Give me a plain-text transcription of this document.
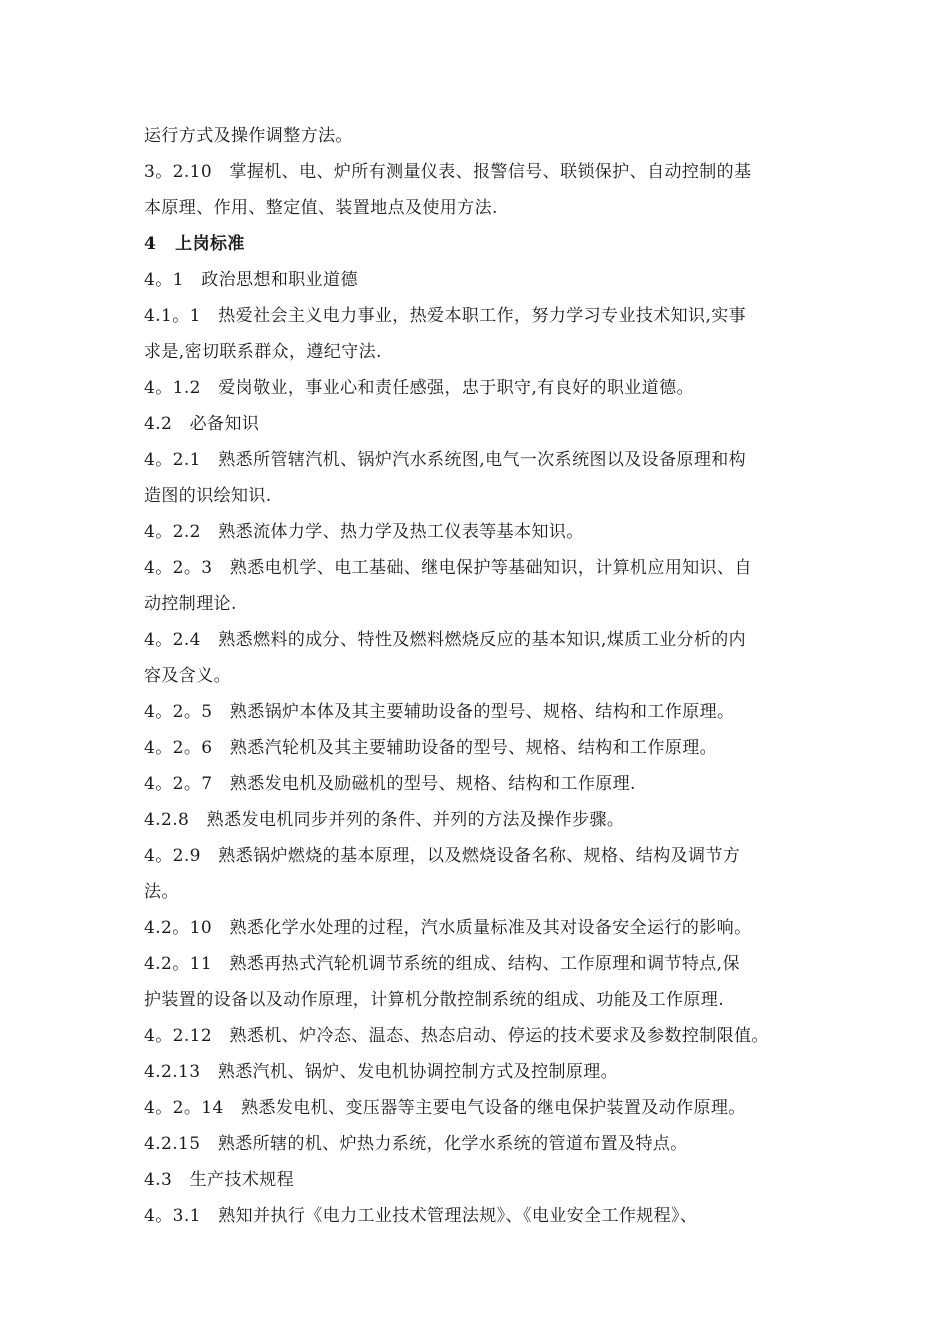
运行方式及操作调整方法。
3。2.10   掌握机、电、炉所有测量仪表、报警信号、联锁保护、自动控制的基
本原理、作用、整定值、装置地点及使用方法.
4   上岗标准
4。1   政治思想和职业道德
4.1。1   热爱社会主义电力事业，热爱本职工作，努力学习专业技术知识,实事
求是,密切联系群众，遵纪守法.
4。1.2   爱岗敬业，事业心和责任感强，忠于职守,有良好的职业道德。
4.2   必备知识
4。2.1   熟悉所管辖汽机、锅炉汽水系统图,电气一次系统图以及设备原理和构
造图的识绘知识.
4。2.2   熟悉流体力学、热力学及热工仪表等基本知识。
4。2。3   熟悉电机学、电工基础、继电保护等基础知识，计算机应用知识、自
动控制理论.
4。2.4   熟悉燃料的成分、特性及燃料燃烧反应的基本知识,煤质工业分析的内
容及含义。
4。2。5   熟悉锅炉本体及其主要辅助设备的型号、规格、结构和工作原理。
4。2。6   熟悉汽轮机及其主要辅助设备的型号、规格、结构和工作原理。
4。2。7   熟悉发电机及励磁机的型号、规格、结构和工作原理.
4.2.8   熟悉发电机同步并列的条件、并列的方法及操作步骤。
4。2.9   熟悉锅炉燃烧的基本原理，以及燃烧设备名称、规格、结构及调节方
法。
4.2。10   熟悉化学水处理的过程，汽水质量标准及其对设备安全运行的影响。
4.2。11   熟悉再热式汽轮机调节系统的组成、结构、工作原理和调节特点,保
护装置的设备以及动作原理，计算机分散控制系统的组成、功能及工作原理.
4。2.12   熟悉机、炉冷态、温态、热态启动、停运的技术要求及参数控制限值。
4.2.13   熟悉汽机、锅炉、发电机协调控制方式及控制原理。
4。2。14   熟悉发电机、变压器等主要电气设备的继电保护装置及动作原理。
4.2.15   熟悉所辖的机、炉热力系统，化学水系统的管道布置及特点。
4.3   生产技术规程
4。3.1   熟知并执行《电力工业技术管理法规》、《电业安全工作规程》、
